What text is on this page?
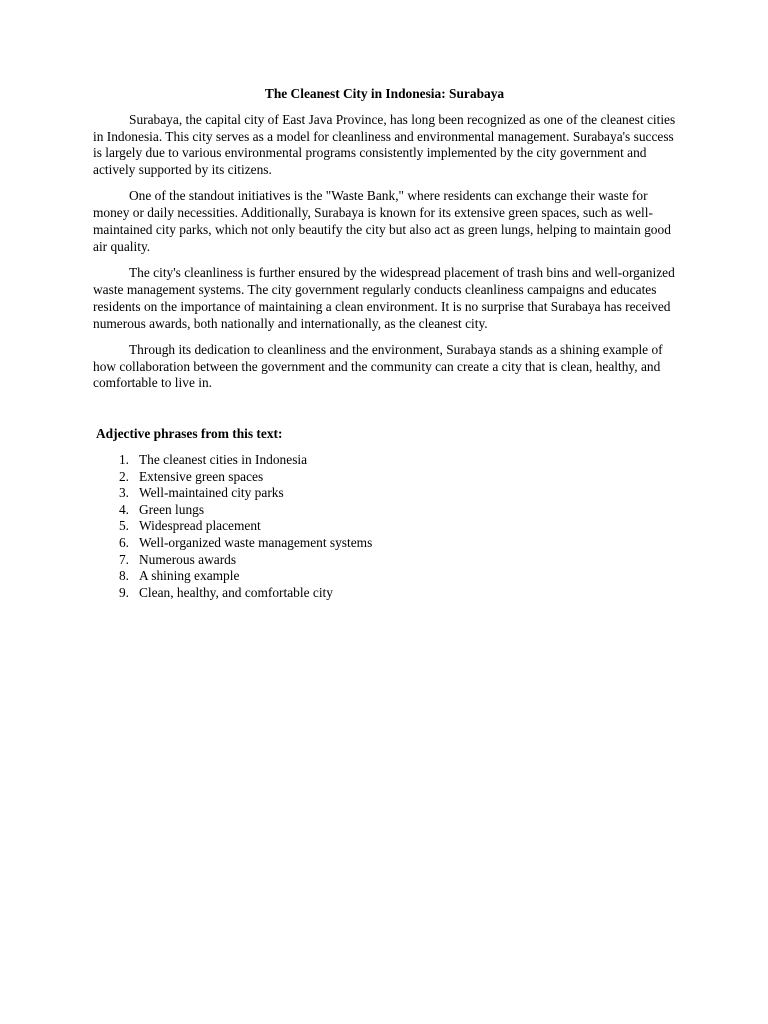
The Cleanest City in Indonesia: Surabaya

Surabaya, the capital city of East Java Province, has long been recognized as one of the cleanest cities in Indonesia. This city serves as a model for cleanliness and environmental management. Surabaya's success is largely due to various environmental programs consistently implemented by the city government and actively supported by its citizens.

One of the standout initiatives is the "Waste Bank," where residents can exchange their waste for money or daily necessities. Additionally, Surabaya is known for its extensive green spaces, such as well-maintained city parks, which not only beautify the city but also act as green lungs, helping to maintain good air quality.

The city's cleanliness is further ensured by the widespread placement of trash bins and well-organized waste management systems. The city government regularly conducts cleanliness campaigns and educates residents on the importance of maintaining a clean environment. It is no surprise that Surabaya has received numerous awards, both nationally and internationally, as the cleanest city.

Through its dedication to cleanliness and the environment, Surabaya stands as a shining example of how collaboration between the government and the community can create a city that is clean, healthy, and comfortable to live in.

Adjective phrases from this text:
1. The cleanest cities in Indonesia
2. Extensive green spaces
3. Well-maintained city parks
4. Green lungs
5. Widespread placement
6. Well-organized waste management systems
7. Numerous awards
8. A shining example
9. Clean, healthy, and comfortable city
